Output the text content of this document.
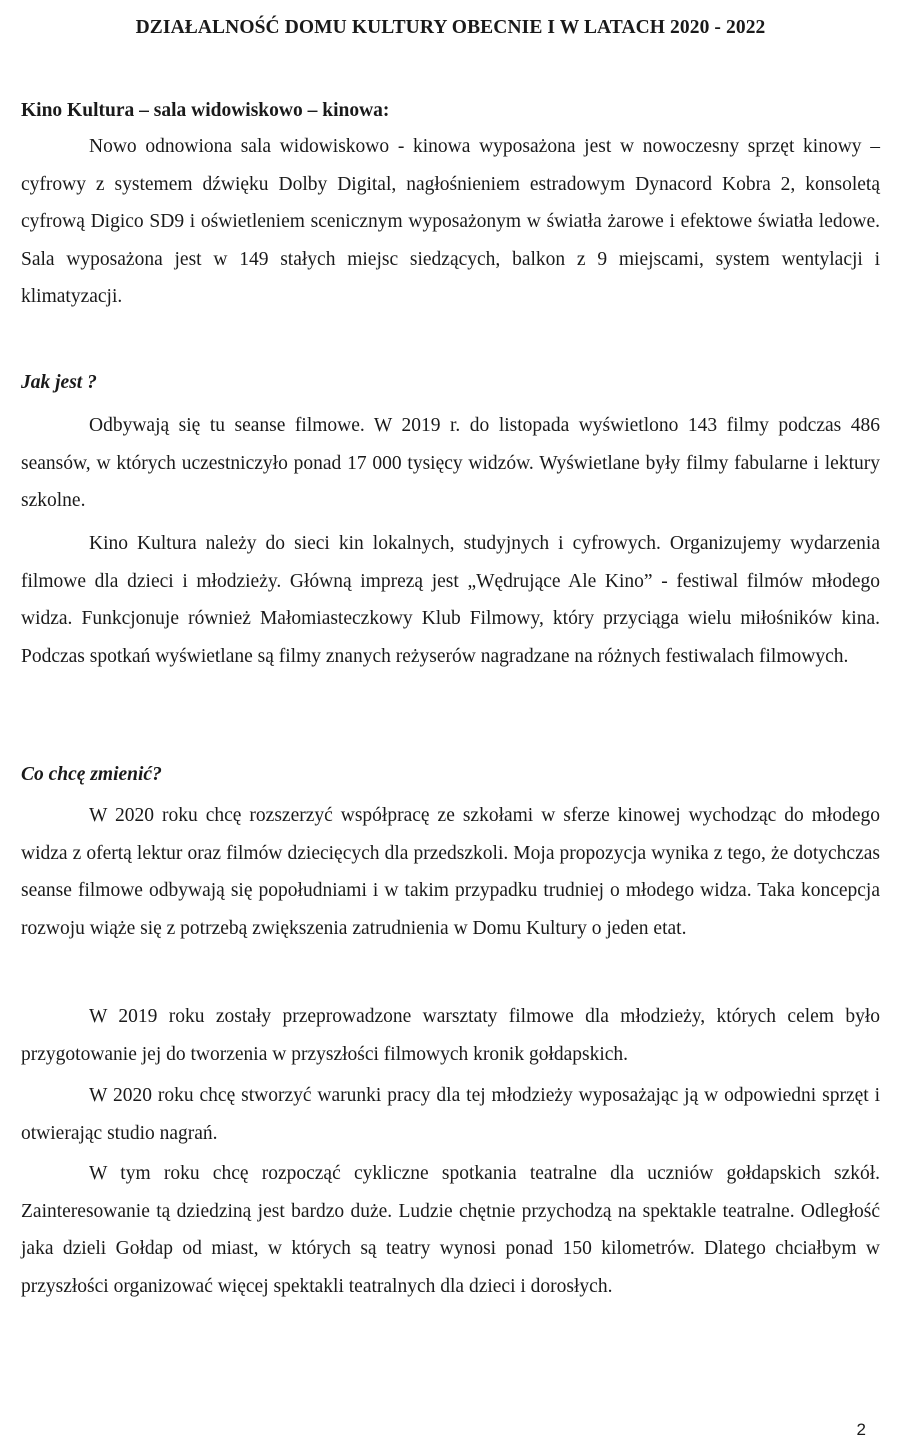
DZIAŁALNOŚĆ DOMU KULTURY OBECNIE I W LATACH 2020 - 2022
Kino Kultura – sala widowiskowo – kinowa:

Nowo odnowiona sala widowiskowo - kinowa wyposażona jest w nowoczesny sprzęt kinowy – cyfrowy z systemem dźwięku Dolby Digital, nagłośnieniem estradowym Dynacord Kobra 2, konsoletą cyfrową Digico SD9 i oświetleniem scenicznym wyposażonym w światła żarowe i efektowe światła ledowe. Sala wyposażona jest w 149 stałych miejsc siedzących, balkon z 9 miejscami, system wentylacji i klimatyzacji.

Jak jest ?

Odbywają się tu seanse filmowe. W 2019 r. do listopada wyświetlono 143 filmy podczas 486 seansów, w których uczestniczyło ponad 17 000 tysięcy widzów. Wyświetlane były filmy fabularne i lektury szkolne.

Kino Kultura należy do sieci kin lokalnych, studyjnych i cyfrowych. Organizujemy wydarzenia filmowe dla dzieci i młodzieży. Główną imprezą jest „Wędrujące Ale Kino” - festiwal filmów młodego widza. Funkcjonuje również Małomiasteczkowy Klub Filmowy, który przyciąga wielu miłośników kina. Podczas spotkań wyświetlane są filmy znanych reżyserów nagradzane na różnych festiwalach filmowych.

Co chcę zmienić?

W 2020 roku chcę rozszerzyć współpracę ze szkołami w sferze kinowej wychodząc do młodego widza z ofertą lektur oraz filmów dziecięcych dla przedszkoli. Moja propozycja wynika z tego, że dotychczas seanse filmowe odbywają się popołudniami i w takim przypadku trudniej o młodego widza. Taka koncepcja rozwoju wiąże się z potrzebą zwiększenia zatrudnienia w Domu Kultury o jeden etat.

W 2019 roku zostały przeprowadzone warsztaty filmowe dla młodzieży, których celem było przygotowanie jej do tworzenia w przyszłości filmowych kronik gołdapskich.

W 2020 roku chcę stworzyć warunki pracy dla tej młodzieży wyposażając ją w odpowiedni sprzęt i otwierając studio nagrań.

W tym roku chcę rozpocząć cykliczne spotkania teatralne dla uczniów gołdapskich szkół. Zainteresowanie tą dziedziną jest bardzo duże. Ludzie chętnie przychodzą na spektakle teatralne. Odległość jaka dzieli Gołdap od miast, w których są teatry wynosi ponad 150 kilometrów. Dlatego chciałbym w przyszłości organizować więcej spektakli teatralnych dla dzieci i dorosłych.

2
